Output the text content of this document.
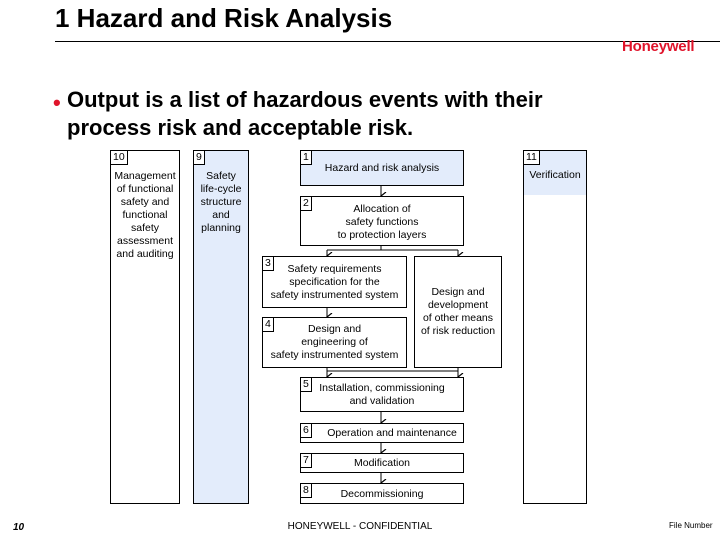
1 Hazard and Risk Analysis
Honeywell
• Output is a list of hazardous events with their process risk and acceptable risk.
10
Management
of functional
safety and
functional
safety
assessment
and auditing
9
Safety
life-cycle
structure
and
planning
1
Hazard and risk analysis
11
Verification
2	Allocation of
safety functions
to protection layers
3	Safety requirements
specification for the
safety instrumented system	Design and
development
of other means
of risk reduction
4	Design and
engineering of
safety instrumented system
5 Installation, commissioning
and validation
6	Operation and maintenance
7	Modification
8	Decommissioning
10	HONEYWELL - CONFIDENTIAL	File Number
